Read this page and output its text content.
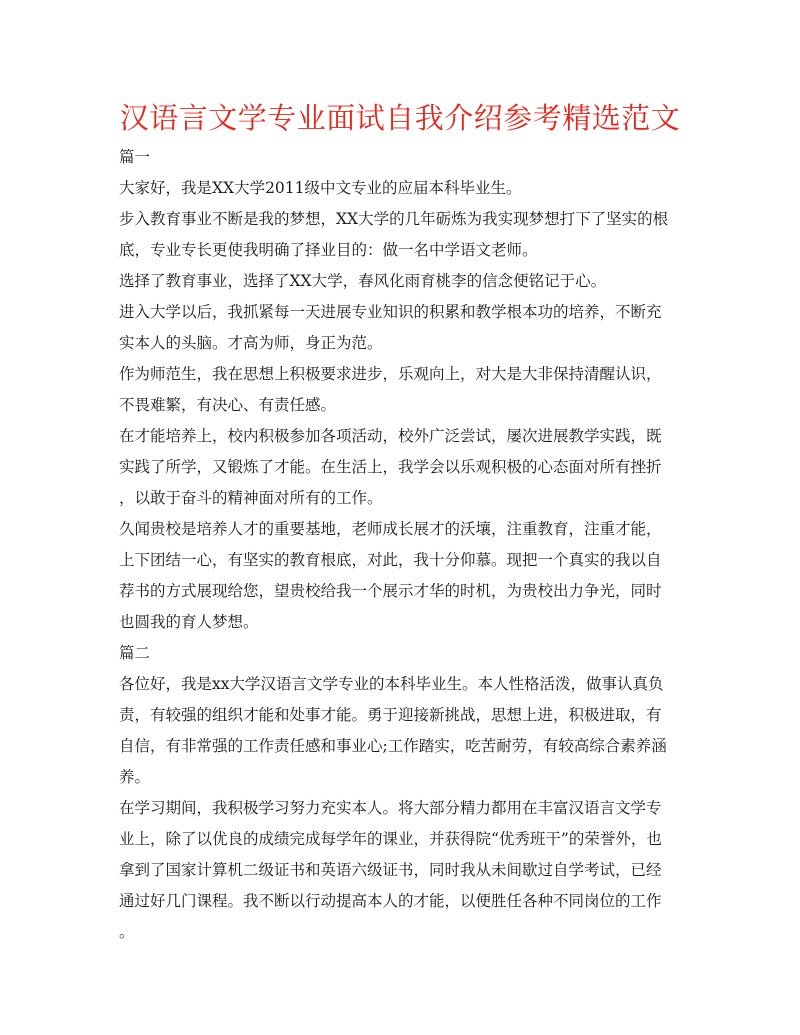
汉语言文学专业面试自我介绍参考精选范文
篇一
大家好，我是XX大学2011级中文专业的应届本科毕业生。
步入教育事业不断是我的梦想，XX大学的几年砺炼为我实现梦想打下了坚实的根
底，专业专长更使我明确了择业目的：做一名中学语文老师。
选择了教育事业，选择了XX大学，春风化雨育桃李的信念便铭记于心。
进入大学以后，我抓紧每一天进展专业知识的积累和教学根本功的培养，不断充
实本人的头脑。才高为师，身正为范。
作为师范生，我在思想上积极要求进步，乐观向上，对大是大非保持清醒认识，
不畏难繁，有决心、有责任感。
在才能培养上，校内积极参加各项活动，校外广泛尝试，屡次进展教学实践，既
实践了所学，又锻炼了才能。在生活上，我学会以乐观积极的心态面对所有挫折
，以敢于奋斗的精神面对所有的工作。
久闻贵校是培养人才的重要基地，老师成长展才的沃壤，注重教育，注重才能，
上下团结一心，有坚实的教育根底，对此，我十分仰慕。现把一个真实的我以自
荐书的方式展现给您，望贵校给我一个展示才华的时机，为贵校出力争光，同时
也圆我的育人梦想。
篇二
各位好，我是xx大学汉语言文学专业的本科毕业生。本人性格活泼，做事认真负
责，有较强的组织才能和处事才能。勇于迎接新挑战，思想上进，积极进取，有
自信，有非常强的工作责任感和事业心;工作踏实，吃苦耐劳，有较高综合素养涵
养。
在学习期间，我积极学习努力充实本人。将大部分精力都用在丰富汉语言文学专
业上，除了以优良的成绩完成每学年的课业，并获得院“优秀班干”的荣誉外，也
拿到了国家计算机二级证书和英语六级证书，同时我从未间歇过自学考试，已经
通过好几门课程。我不断以行动提高本人的才能，以便胜任各种不同岗位的工作
。
